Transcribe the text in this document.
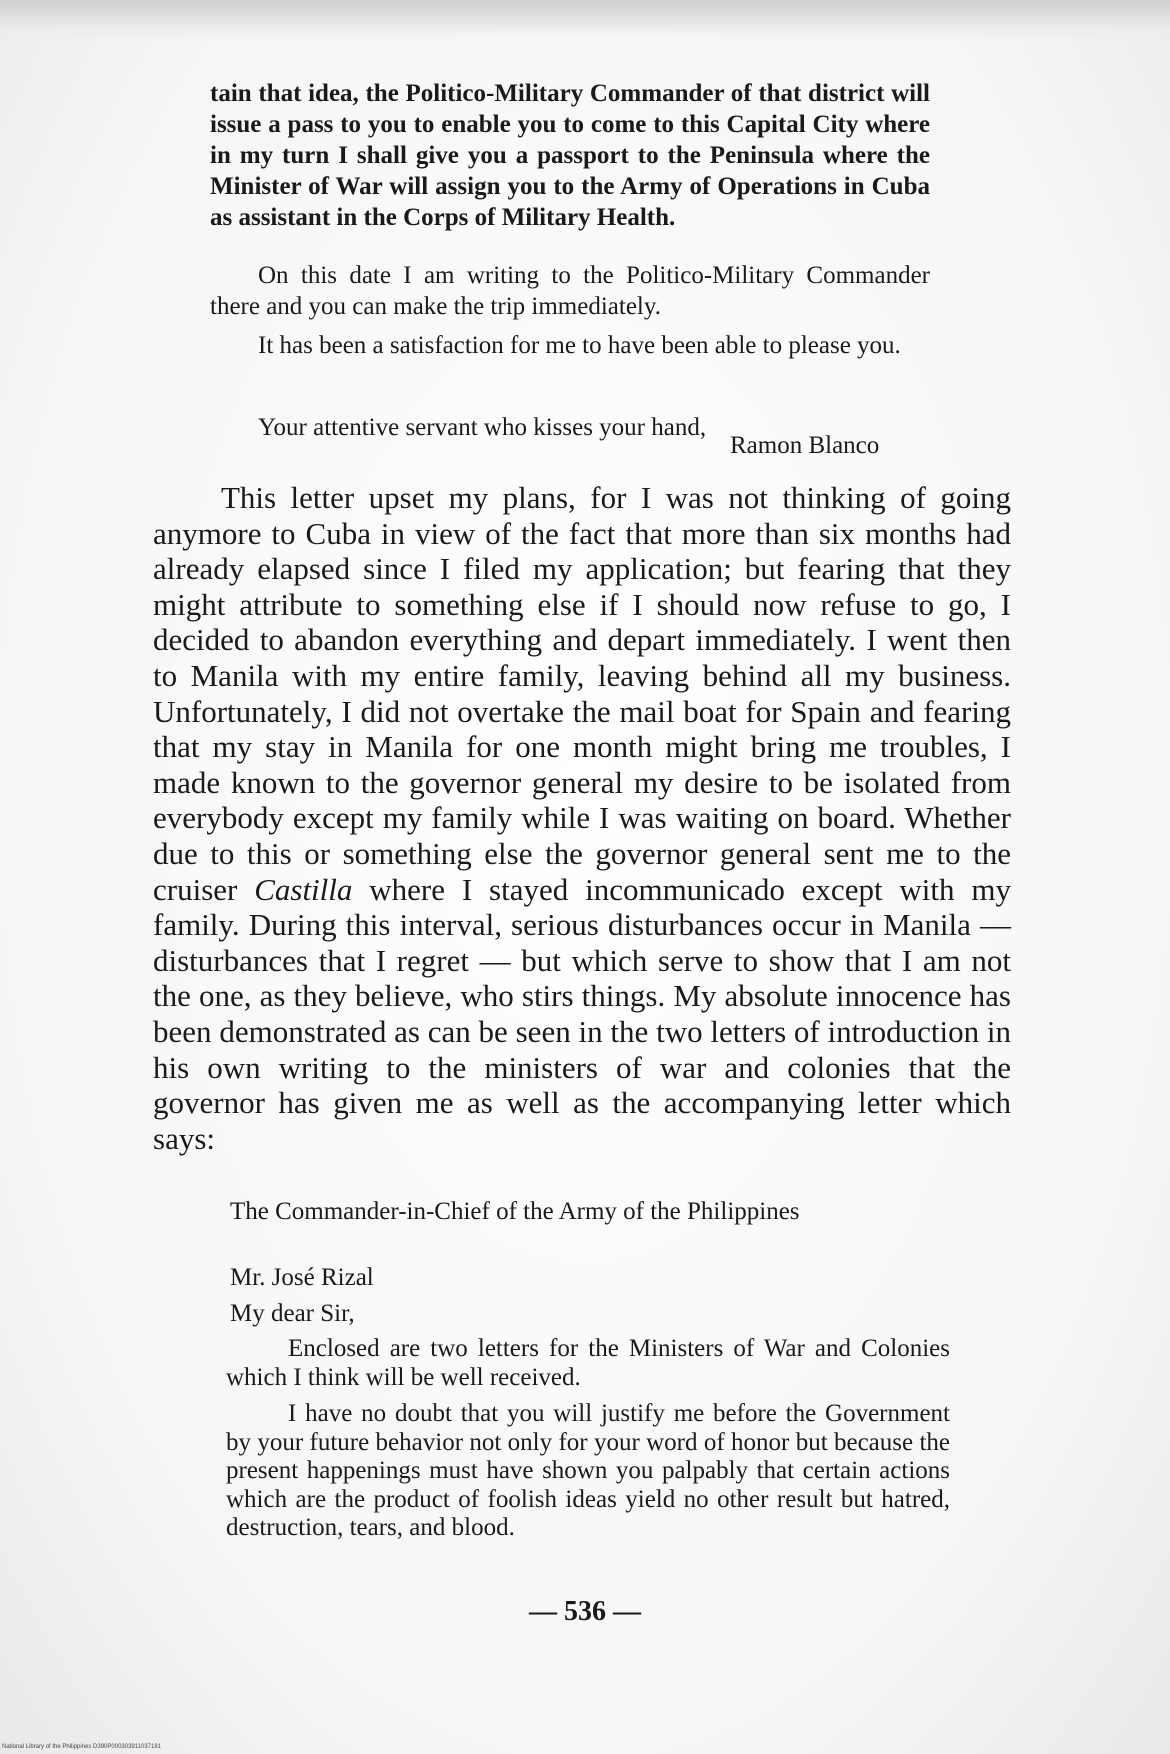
tain that idea, the Politico-Military Commander of that district will issue a pass to you to enable you to come to this Capital City where in my turn I shall give you a passport to the Peninsula where the Minister of War will assign you to the Army of Operations in Cuba as assistant in the Corps of Military Health.

On this date I am writing to the Politico-Military Commander there and you can make the trip immediately.

It has been a satisfaction for me to have been able to please you.

Your attentive servant who kisses your hand,

Ramon Blanco

This letter upset my plans, for I was not thinking of going anymore to Cuba in view of the fact that more than six months had already elapsed since I filed my application; but fearing that they might attribute to something else if I should now refuse to go, I decided to abandon everything and depart immediately. I went then to Manila with my entire family, leaving behind all my business. Unfortunately, I did not overtake the mail boat for Spain and fearing that my stay in Manila for one month might bring me troubles, I made known to the governor general my desire to be isolated from everybody except my family while I was waiting on board. Whether due to this or something else the governor general sent me to the cruiser Castilla where I stayed incommunicado except with my family. During this interval, serious disturbances occur in Manila — disturbances that I regret — but which serve to show that I am not the one, as they believe, who stirs things. My absolute innocence has been demonstrated as can be seen in the two letters of introduction in his own writing to the ministers of war and colonies that the governor has given me as well as the accompanying letter which says:

The Commander-in-Chief of the Army of the Philippines

Mr. José Rizal

My dear Sir,

Enclosed are two letters for the Ministers of War and Colonies which I think will be well received.

I have no doubt that you will justify me before the Government by your future behavior not only for your word of honor but because the present happenings must have shown you palpably that certain actions which are the product of foolish ideas yield no other result but hatred, destruction, tears, and blood.

— 536 —

National Library of the Philippines D390P000303911037181
